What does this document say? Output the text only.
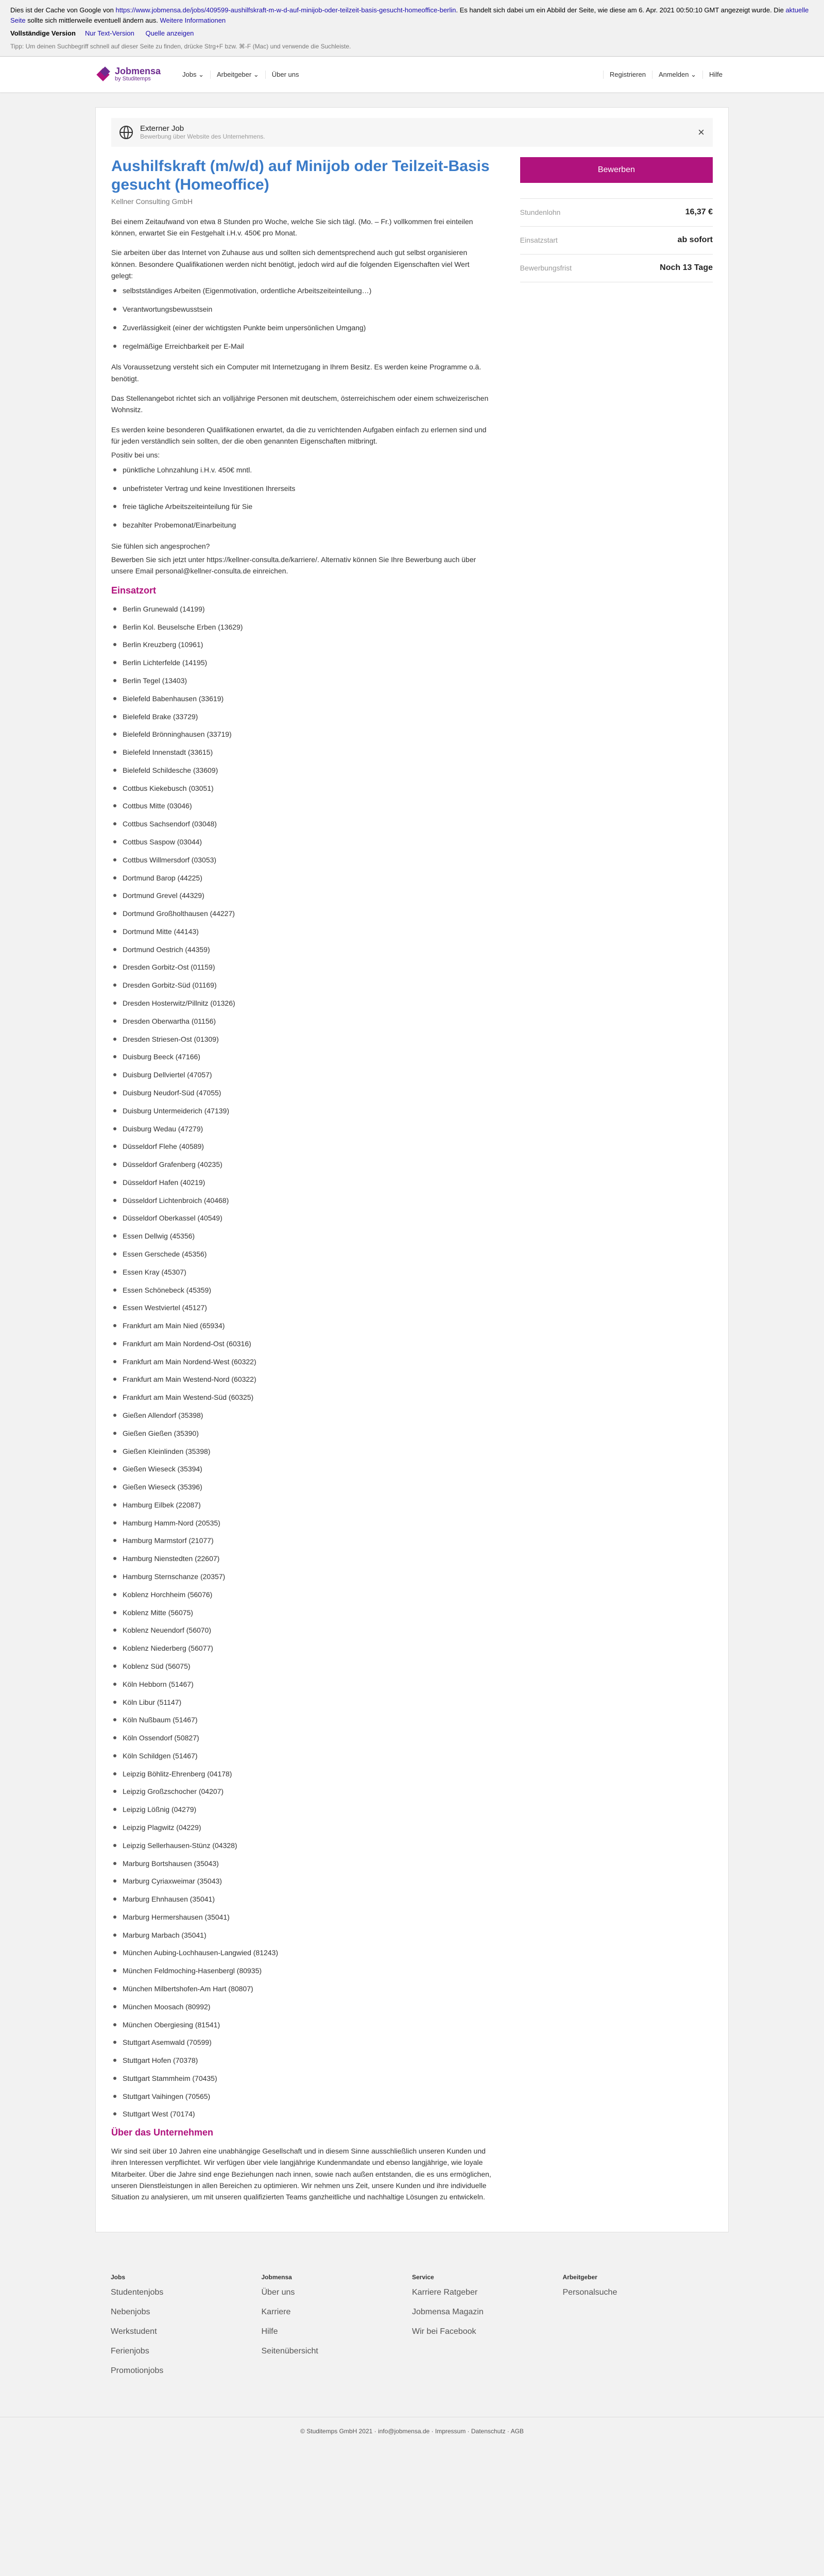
Dies ist der Cache von Google von https://www.jobmensa.de/jobs/409599-aushilfskraft-m-w-d-auf-minijob-oder-teilzeit-basis-gesucht-homeoffice-berlin. Es handelt sich dabei um ein Abbild der Seite, wie diese am 6. Apr. 2021 00:50:10 GMT angezeigt wurde. Die aktuelle Seite sollte sich mittlerweile eventuell ändern aus. Weitere Informationen
Vollständige Version Nur Text-Version Quelle anzeigen
Tipp: Um deinen Suchbegriff schnell auf dieser Seite zu finden, drücke Strg+F bzw. ⌘-F (Mac) und verwende die Suchleiste.
Jobmensa
by Studitemps
Jobs ⌄	Arbeitgeber ⌄	Über uns	Registrieren	Anmelden ⌄	Hilfe
Externer Job
Bewerbung über Website des Unternehmens.	×
Aushilfskraft (m/w/d) auf Minijob oder Teilzeit-Basis gesucht (Homeoffice)
Kellner Consulting GmbH

Bei einem Zeitaufwand von etwa 8 Stunden pro Woche, welche Sie sich tägl. (Mo. – Fr.) vollkommen frei einteilen können, erwartet Sie ein Festgehalt i.H.v. 450€ pro Monat.

Sie arbeiten über das Internet von Zuhause aus und sollten sich dementsprechend auch gut selbst organisieren können. Besondere Qualifikationen werden nicht benötigt, jedoch wird auf die folgenden Eigenschaften viel Wert gelegt:

selbstständiges Arbeiten (Eigenmotivation, ordentliche Arbeitszeiteinteilung…)
Verantwortungsbewusstsein
Zuverlässigkeit (einer der wichtigsten Punkte beim unpersönlichen Umgang)
regelmäßige Erreichbarkeit per E-Mail

Als Voraussetzung versteht sich ein Computer mit Internetzugang in Ihrem Besitz. Es werden keine Programme o.ä. benötigt.

Das Stellenangebot richtet sich an volljährige Personen mit deutschem, österreichischem oder einem schweizerischen Wohnsitz.

Es werden keine besonderen Qualifikationen erwartet, da die zu verrichtenden Aufgaben einfach zu erlernen sind und für jeden verständlich sein sollten, der die oben genannten Eigenschaften mitbringt.

Positiv bei uns:

pünktliche Lohnzahlung i.H.v. 450€ mntl.
unbefristeter Vertrag und keine Investitionen Ihrerseits
freie tägliche Arbeitszeiteinteilung für Sie
bezahlter Probemonat/Einarbeitung

Sie fühlen sich angesprochen?

Bewerben Sie sich jetzt unter https://kellner-consulta.de/karriere/. Alternativ können Sie Ihre Bewerbung auch über unsere Email personal@kellner-consulta.de einreichen.

Einsatzort
Berlin Grunewald (14199)
Berlin Kol. Beuselsche Erben (13629)
Berlin Kreuzberg (10961)
Berlin Lichterfelde (14195)
Berlin Tegel (13403)
Bielefeld Babenhausen (33619)
Bielefeld Brake (33729)
Bielefeld Brönninghausen (33719)
Bielefeld Innenstadt (33615)
Bielefeld Schildesche (33609)
Cottbus Kiekebusch (03051)
Cottbus Mitte (03046)
Cottbus Sachsendorf (03048)
Cottbus Saspow (03044)
Cottbus Willmersdorf (03053)
Dortmund Barop (44225)
Dortmund Grevel (44329)
Dortmund Großholthausen (44227)
Dortmund Mitte (44143)
Dortmund Oestrich (44359)
Dresden Gorbitz-Ost (01159)
Dresden Gorbitz-Süd (01169)
Dresden Hosterwitz/Pillnitz (01326)
Dresden Oberwartha (01156)
Dresden Striesen-Ost (01309)
Duisburg Beeck (47166)
Duisburg Dellviertel (47057)
Duisburg Neudorf-Süd (47055)
Duisburg Untermeiderich (47139)
Duisburg Wedau (47279)
Düsseldorf Flehe (40589)
Düsseldorf Grafenberg (40235)
Düsseldorf Hafen (40219)
Düsseldorf Lichtenbroich (40468)
Düsseldorf Oberkassel (40549)
Essen Dellwig (45356)
Essen Gerschede (45356)
Essen Kray (45307)
Essen Schönebeck (45359)
Essen Westviertel (45127)
Frankfurt am Main Nied (65934)
Frankfurt am Main Nordend-Ost (60316)
Frankfurt am Main Nordend-West (60322)
Frankfurt am Main Westend-Nord (60322)
Frankfurt am Main Westend-Süd (60325)
Gießen Allendorf (35398)
Gießen Gießen (35390)
Gießen Kleinlinden (35398)
Gießen Wieseck (35394)
Gießen Wieseck (35396)
Hamburg Eilbek (22087)
Hamburg Hamm-Nord (20535)
Hamburg Marmstorf (21077)
Hamburg Nienstedten (22607)
Hamburg Sternschanze (20357)
Koblenz Horchheim (56076)
Koblenz Mitte (56075)
Koblenz Neuendorf (56070)
Koblenz Niederberg (56077)
Koblenz Süd (56075)
Köln Hebborn (51467)
Köln Libur (51147)
Köln Nußbaum (51467)
Köln Ossendorf (50827)
Köln Schildgen (51467)
Leipzig Böhlitz-Ehrenberg (04178)
Leipzig Großzschocher (04207)
Leipzig Lößnig (04279)
Leipzig Plagwitz (04229)
Leipzig Sellerhausen-Stünz (04328)
Marburg Bortshausen (35043)
Marburg Cyriaxweimar (35043)
Marburg Ehnhausen (35041)
Marburg Hermershausen (35041)
Marburg Marbach (35041)
München Aubing-Lochhausen-Langwied (81243)
München Feldmoching-Hasenbergl (80935)
München Milbertshofen-Am Hart (80807)
München Moosach (80992)
München Obergiesing (81541)
Stuttgart Asemwald (70599)
Stuttgart Hofen (70378)
Stuttgart Stammheim (70435)
Stuttgart Vaihingen (70565)
Stuttgart West (70174)
Über das Unternehmen

Wir sind seit über 10 Jahren eine unabhängige Gesellschaft und in diesem Sinne ausschließlich unseren Kunden und ihren Interessen verpflichtet. Wir verfügen über viele langjährige Kundenmandate und ebenso langjährige, wie loyale Mitarbeiter. Über die Jahre sind enge Beziehungen nach innen, sowie nach außen entstanden, die es uns ermöglichen, unseren Dienstleistungen in allen Bereichen zu optimieren. Wir nehmen uns Zeit, unsere Kunden und ihre individuelle Situation zu analysieren, um mit unseren qualifizierten Teams ganzheitliche und nachhaltige Lösungen zu entwickeln.

Bewerben
Stundenlohn	16,37 €
Einsatzstart	ab sofort
Bewerbungsfrist	Noch 13 Tage
Jobs
Studentenjobs
Nebenjobs
Werkstudent
Ferienjobs
Promotionjobs
Jobmensa
Über uns
Karriere
Hilfe
Seitenübersicht
Service
Karriere Ratgeber
Jobmensa Magazin
Wir bei Facebook
Arbeitgeber
Personalsuche
© Studitemps GmbH 2021 · info@jobmensa.de · Impressum · Datenschutz · AGB
